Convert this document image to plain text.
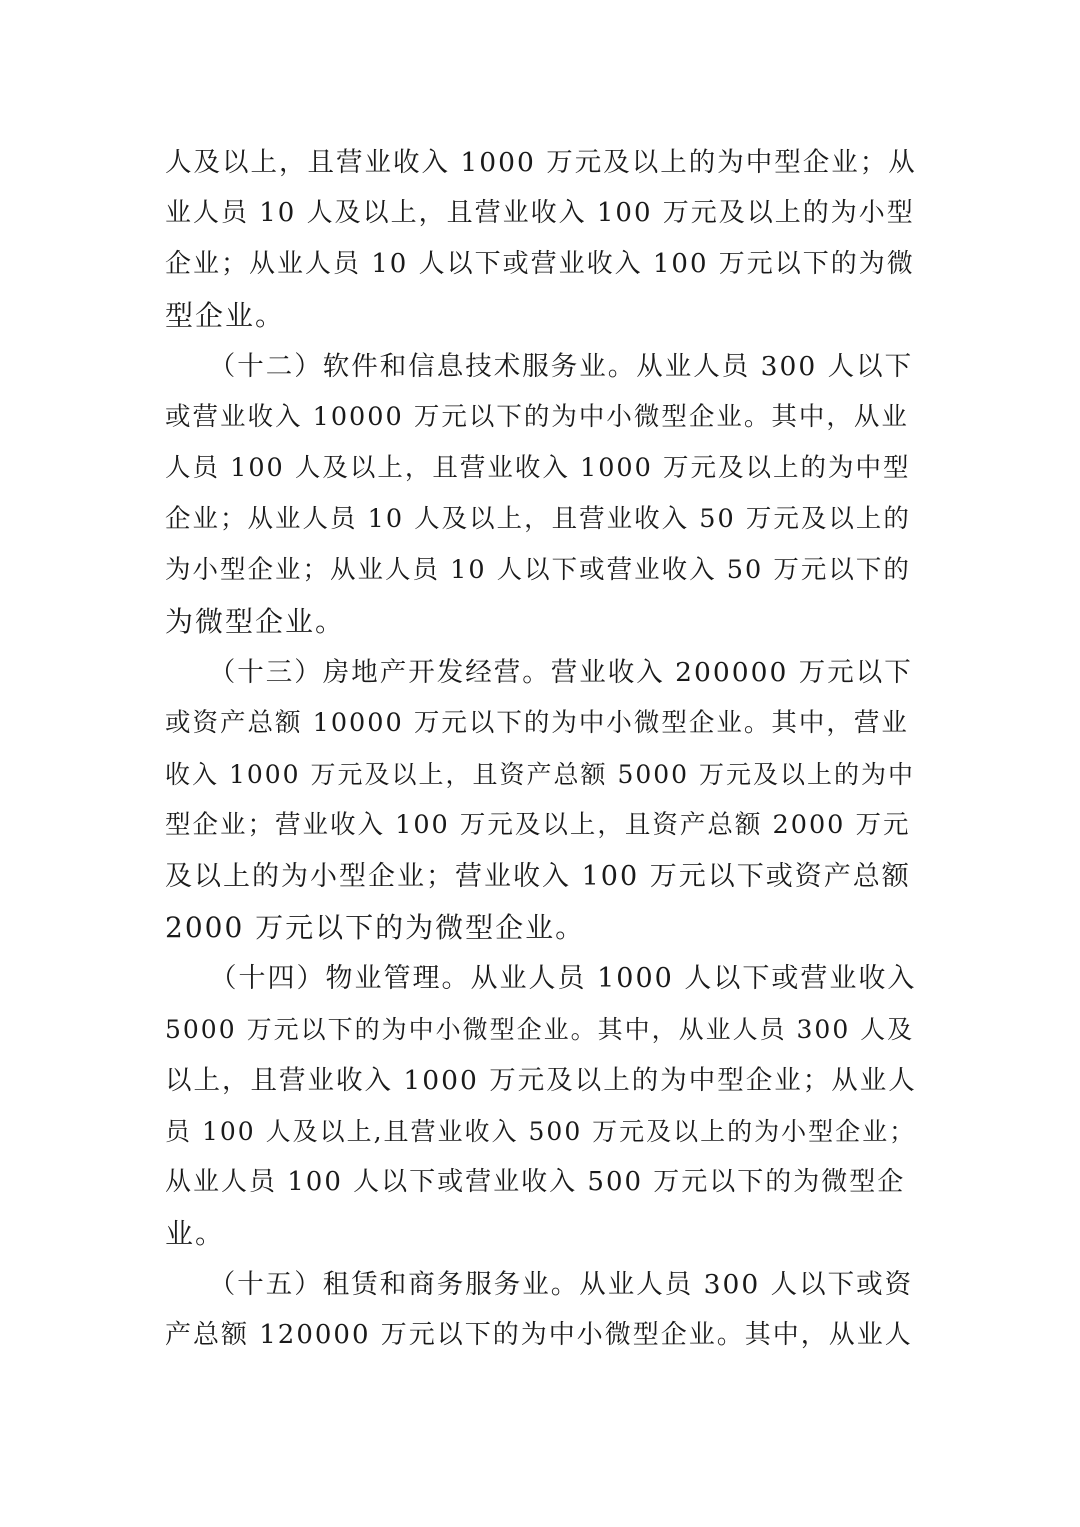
人及以上，且营业收入 1000 万元及以上的为中型企业；从
业人员 10 人及以上，且营业收入 100 万元及以上的为小型
企业；从业人员 10 人以下或营业收入 100 万元以下的为微
型企业。
　　（十二）软件和信息技术服务业。从业人员 300 人以下
或营业收入 10000 万元以下的为中小微型企业。其中，从业
人员 100 人及以上，且营业收入 1000 万元及以上的为中型
企业；从业人员 10 人及以上，且营业收入 50 万元及以上的
为小型企业；从业人员 10 人以下或营业收入 50 万元以下的
为微型企业。
　　（十三）房地产开发经营。营业收入 200000 万元以下
或资产总额 10000 万元以下的为中小微型企业。其中，营业
收入 1000 万元及以上，且资产总额 5000 万元及以上的为中
型企业；营业收入 100 万元及以上，且资产总额 2000 万元
及以上的为小型企业；营业收入 100 万元以下或资产总额
2000 万元以下的为微型企业。
　　（十四）物业管理。从业人员 1000 人以下或营业收入
5000 万元以下的为中小微型企业。其中，从业人员 300 人及
以上，且营业收入 1000 万元及以上的为中型企业；从业人
员 100 人及以上,且营业收入 500 万元及以上的为小型企业；
从业人员 100 人以下或营业收入 500 万元以下的为微型企
业。
　　（十五）租赁和商务服务业。从业人员 300 人以下或资
产总额 120000 万元以下的为中小微型企业。其中，从业人
